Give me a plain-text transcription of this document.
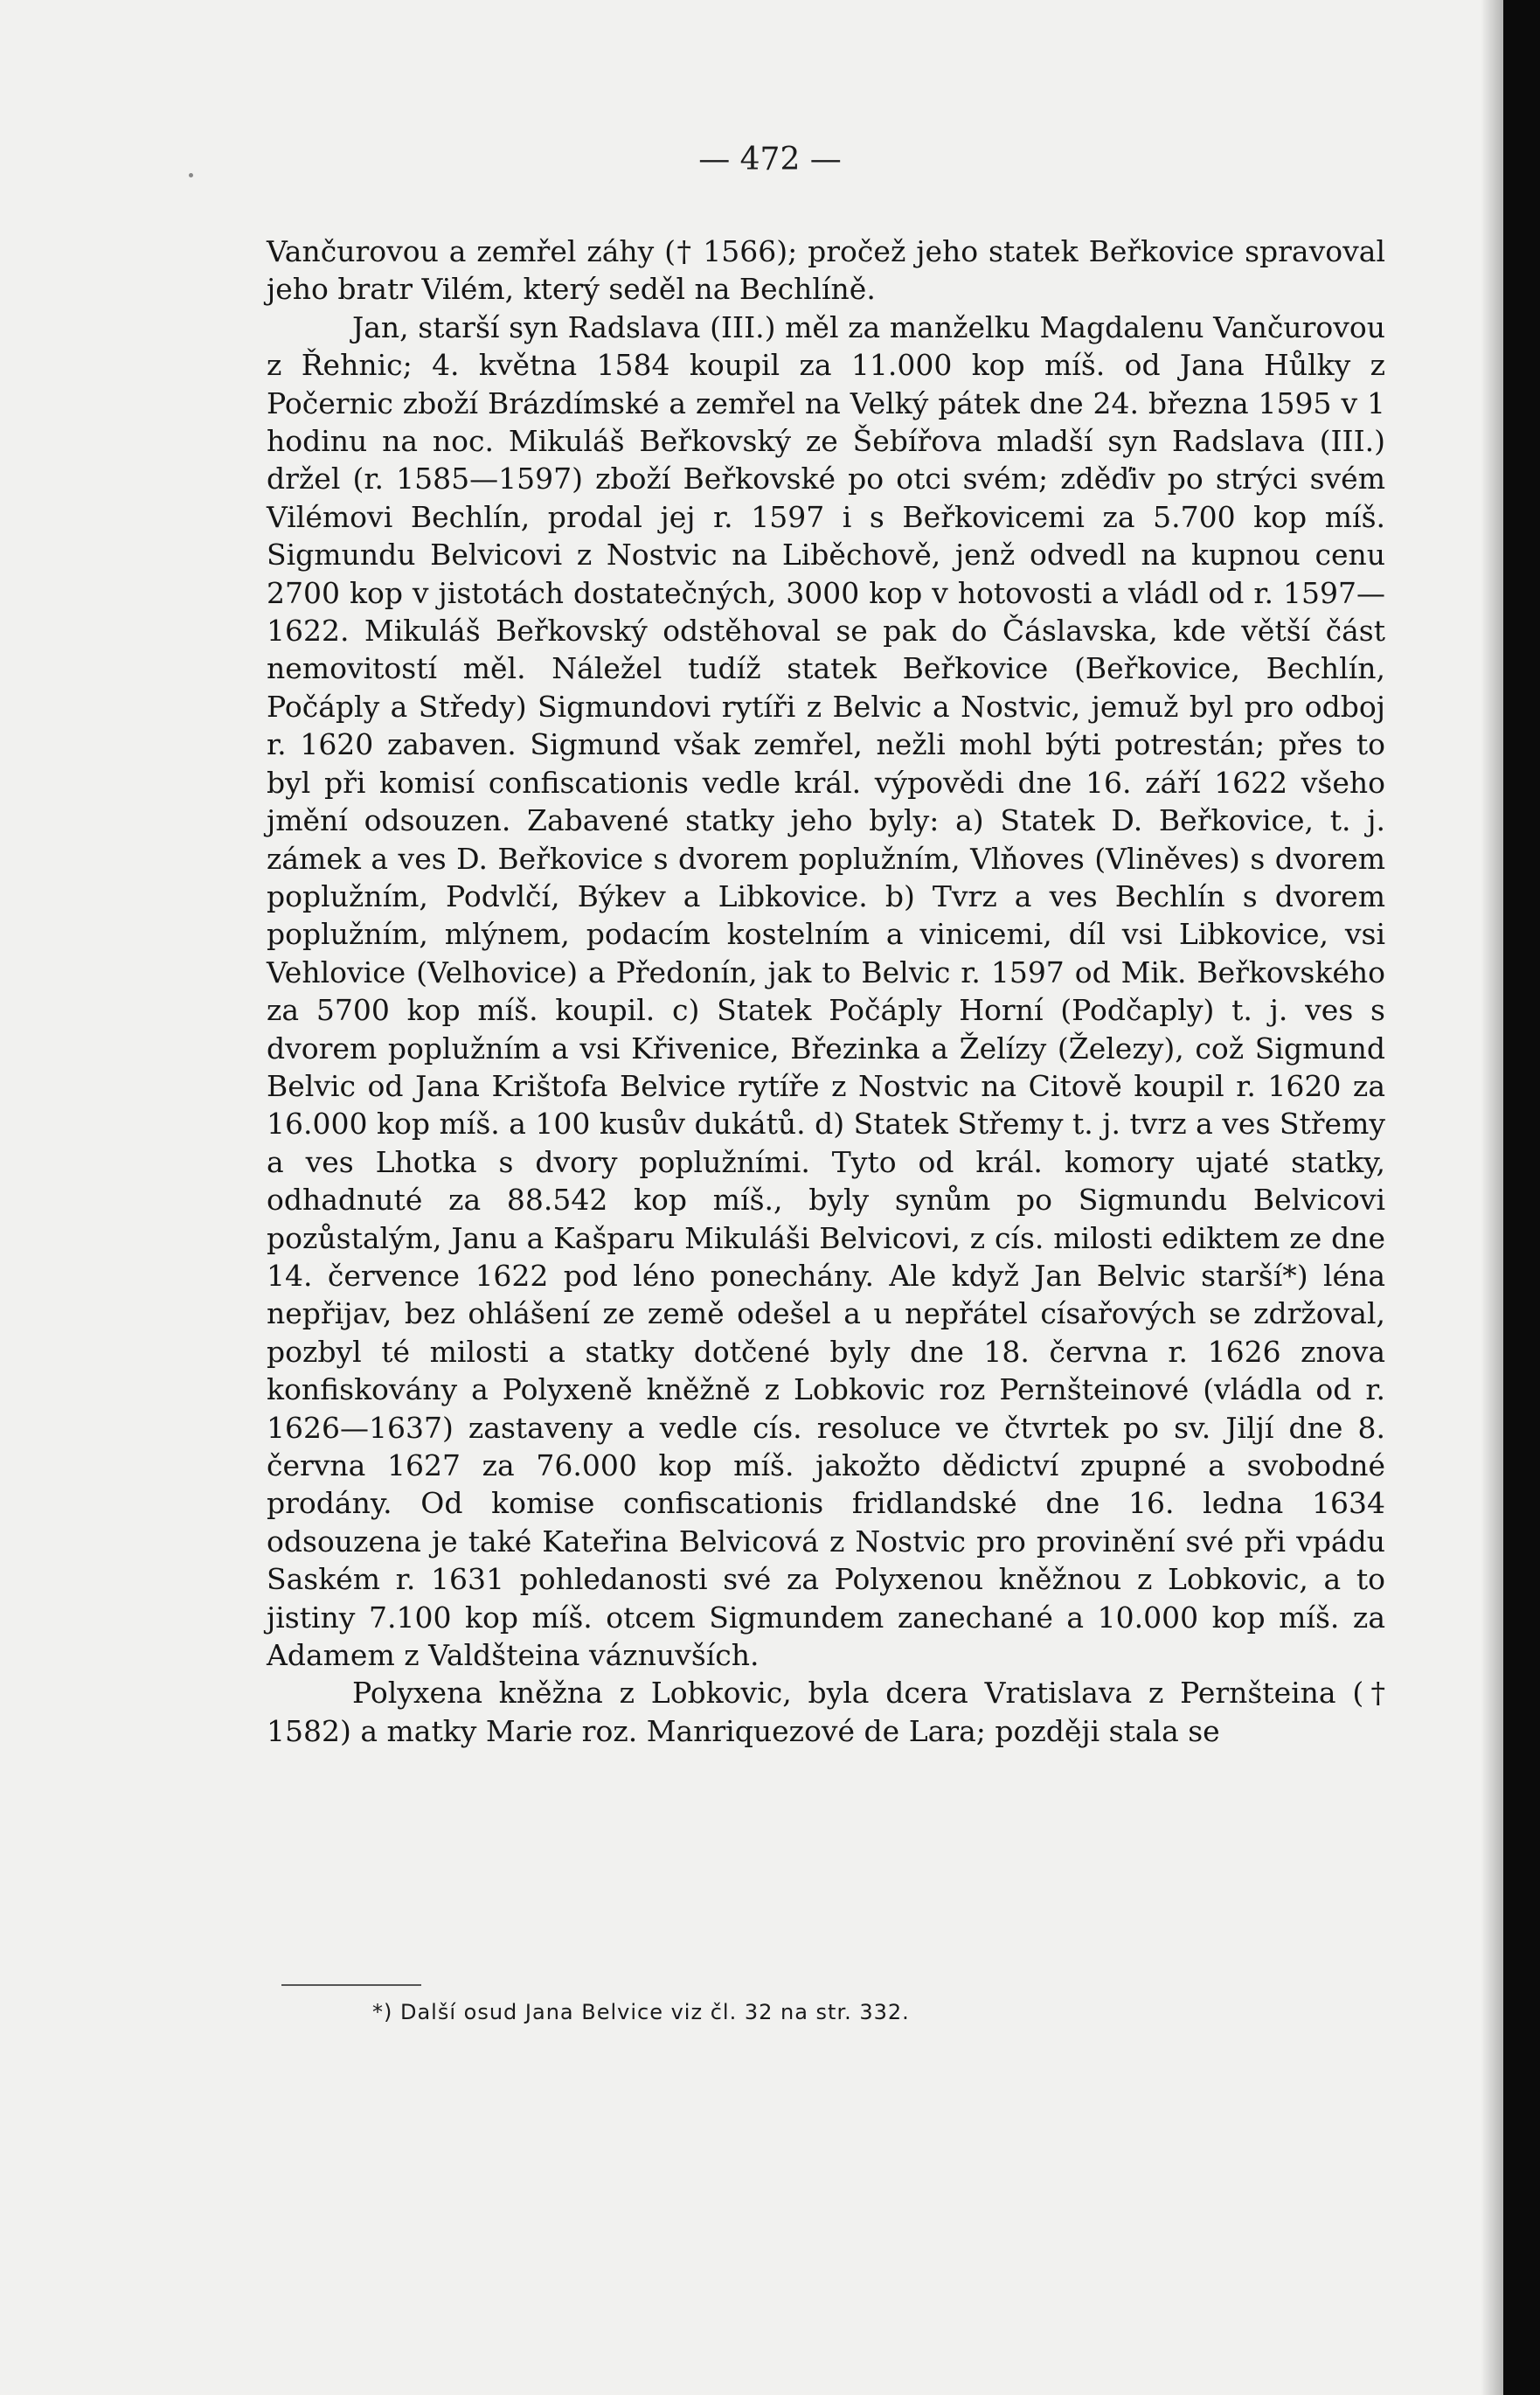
— 472 —

Vančurovou a zemřel záhy († 1566); pročež jeho statek Beřkovice spravoval jeho bratr Vilém, který seděl na Bechlíně.

Jan, starší syn Radslava (III.) měl za manželku Magdalenu Vančurovou z Řehnic; 4. května 1584 koupil za 11.000 kop míš. od Jana Hůlky z Počernic zboží Brázdímské a zemřel na Velký pátek dne 24. března 1595 v 1 hodinu na noc. Mikuláš Beřkovský ze Šebířova mladší syn Radslava (III.) držel (r. 1585—1597) zboží Beřkovské po otci svém; zděďiv po strýci svém Vilémovi Bechlín, prodal jej r. 1597 i s Beřkovicemi za 5.700 kop míš. Sigmundu Belvicovi z Nostvic na Liběchově, jenž odvedl na kupnou cenu 2700 kop v jistotách dostatečných, 3000 kop v hotovosti a vládl od r. 1597—1622. Mikuláš Beřkovský odstěhoval se pak do Čáslavska, kde větší část nemovitostí měl. Náležel tudíž statek Beřkovice (Beřkovice, Bechlín, Počáply a Středy) Sigmundovi rytíři z Belvic a Nostvic, jemuž byl pro odboj r. 1620 zabaven. Sigmund však zemřel, nežli mohl býti potrestán; přes to byl při komisí confiscationis vedle král. výpovědi dne 16. září 1622 všeho jmění odsouzen. Zabavené statky jeho byly: a) Statek D. Beřkovice, t. j. zámek a ves D. Beřkovice s dvorem poplužním, Vlňoves (Vliněves) s dvorem poplužním, Podvlčí, Býkev a Libkovice. b) Tvrz a ves Bechlín s dvorem poplužním, mlýnem, podacím kostelním a vinicemi, díl vsi Libkovice, vsi Vehlovice (Velhovice) a Předonín, jak to Belvic r. 1597 od Mik. Beřkovského za 5700 kop míš. koupil. c) Statek Počáply Horní (Podčaply) t. j. ves s dvorem poplužním a vsi Křivenice, Březinka a Želízy (Železy), což Sigmund Belvic od Jana Krištofa Belvice rytíře z Nostvic na Citově koupil r. 1620 za 16.000 kop míš. a 100 kusův dukátů. d) Statek Střemy t. j. tvrz a ves Střemy a ves Lhotka s dvory poplužními. Tyto od král. komory ujaté statky, odhadnuté za 88.542 kop míš., byly synům po Sigmundu Belvicovi pozůstalým, Janu a Kašparu Mikuláši Belvicovi, z cís. milosti ediktem ze dne 14. července 1622 pod léno ponechány. Ale když Jan Belvic starší*) léna nepřijav, bez ohlášení ze země odešel a u nepřátel císařových se zdržoval, pozbyl té milosti a statky dotčené byly dne 18. června r. 1626 znova konfiskovány a Polyxeně kněžně z Lobkovic roz Pernšteinové (vládla od r. 1626—1637) zastaveny a vedle cís. resoluce ve čtvrtek po sv. Jiljí dne 8. června 1627 za 76.000 kop míš. jakožto dědictví zpupné a svobodné prodány. Od komise confiscationis fridlandské dne 16. ledna 1634 odsouzena je také Kateřina Belvicová z Nostvic pro provinění své při vpádu Saském r. 1631 pohledanosti své za Polyxenou kněžnou z Lobkovic, a to jistiny 7.100 kop míš. otcem Sigmundem zanechané a 10.000 kop míš. za Adamem z Valdšteina váznuvších.

Polyxena kněžna z Lobkovic, byla dcera Vratislava z Pernšteina († 1582) a matky Marie roz. Manriquezové de Lara; později stala se

*) Další osud Jana Belvice viz čl. 32 na str. 332.
